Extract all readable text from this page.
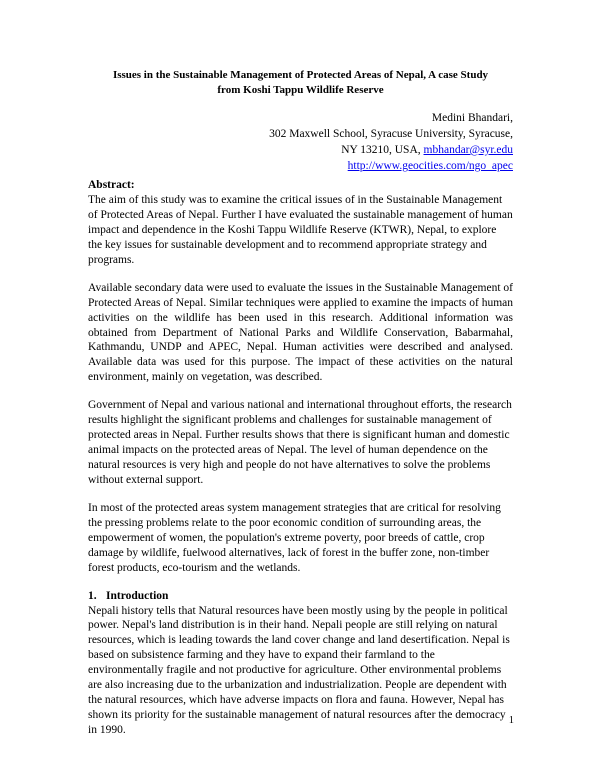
Issues in the Sustainable Management of Protected Areas of Nepal, A case Study
from Koshi Tappu Wildlife Reserve
Medini Bhandari,
302 Maxwell School, Syracuse University, Syracuse,
NY 13210, USA, mbhandar@syr.edu
http://www.geocities.com/ngo_apec
Abstract:

The aim of this study was to examine the critical issues of in the Sustainable Management of Protected Areas of Nepal. Further I have evaluated the sustainable management of human impact and dependence in the Koshi Tappu Wildlife Reserve (KTWR), Nepal, to explore the key issues for sustainable development and to recommend appropriate strategy and programs.

Available secondary data were used to evaluate the issues in the Sustainable Management of Protected Areas of Nepal. Similar techniques were applied to examine the impacts of human activities on the wildlife has been used in this research. Additional information was obtained from Department of National Parks and Wildlife Conservation, Babarmahal, Kathmandu, UNDP and APEC, Nepal. Human activities were described and analysed. Available data was used for this purpose. The impact of these activities on the natural environment, mainly on vegetation, was described.

Government of Nepal and various national and international throughout efforts, the research results highlight the significant problems and challenges for sustainable management of protected areas in Nepal. Further results shows that there is significant human and domestic animal impacts on the protected areas of Nepal. The level of human dependence on the natural resources is very high and people do not have alternatives to solve the problems without external support.

In most of the protected areas system management strategies that are critical for resolving the pressing problems relate to the poor economic condition of surrounding areas, the empowerment of women, the population's extreme poverty, poor breeds of cattle, crop damage by wildlife, fuelwood alternatives, lack of forest in the buffer zone, non-timber forest products, eco-tourism and the wetlands.

1. Introduction

Nepali history tells that Natural resources have been mostly using by the people in political power. Nepal's land distribution is in their hand. Nepali people are still relying on natural resources, which is leading towards the land cover change and land desertification. Nepal is based on subsistence farming and they have to expand their farmland to the environmentally fragile and not productive for agriculture. Other environmental problems are also increasing due to the urbanization and industrialization. People are dependent with the natural resources, which have adverse impacts on flora and fauna. However, Nepal has shown its priority for the sustainable management of natural resources after the democracy in 1990.

1
